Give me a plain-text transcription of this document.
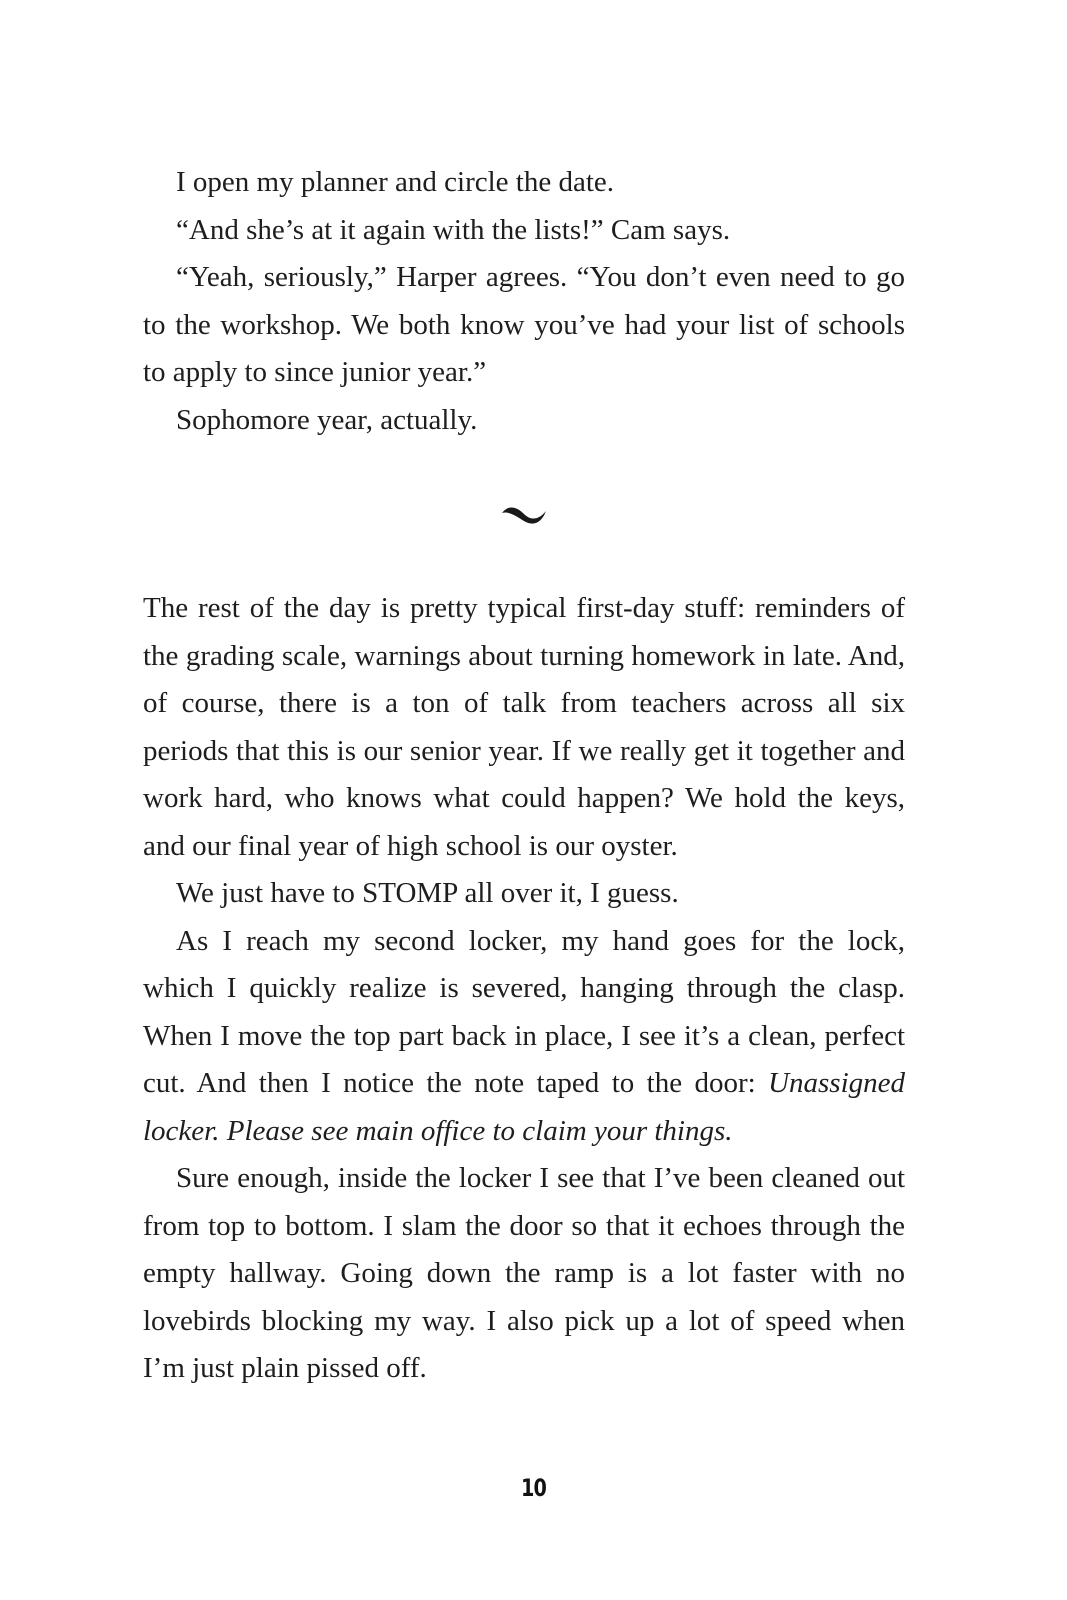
I open my planner and circle the date.

“And she’s at it again with the lists!” Cam says.

“Yeah, seriously,” Harper agrees. “You don’t even need to go to the workshop. We both know you’ve had your list of schools to apply to since junior year.”

Sophomore year, actually.

The rest of the day is pretty typical first-day stuff: reminders of the grading scale, warnings about turning homework in late. And, of course, there is a ton of talk from teachers across all six periods that this is our senior year. If we really get it together and work hard, who knows what could happen? We hold the keys, and our final year of high school is our oyster.

We just have to STOMP all over it, I guess.

As I reach my second locker, my hand goes for the lock, which I quickly realize is severed, hanging through the clasp. When I move the top part back in place, I see it’s a clean, perfect cut. And then I notice the note taped to the door: Unassigned locker. Please see main office to claim your things.

Sure enough, inside the locker I see that I’ve been cleaned out from top to bottom. I slam the door so that it echoes through the empty hallway. Going down the ramp is a lot faster with no lovebirds blocking my way. I also pick up a lot of speed when I’m just plain pissed off.

10
